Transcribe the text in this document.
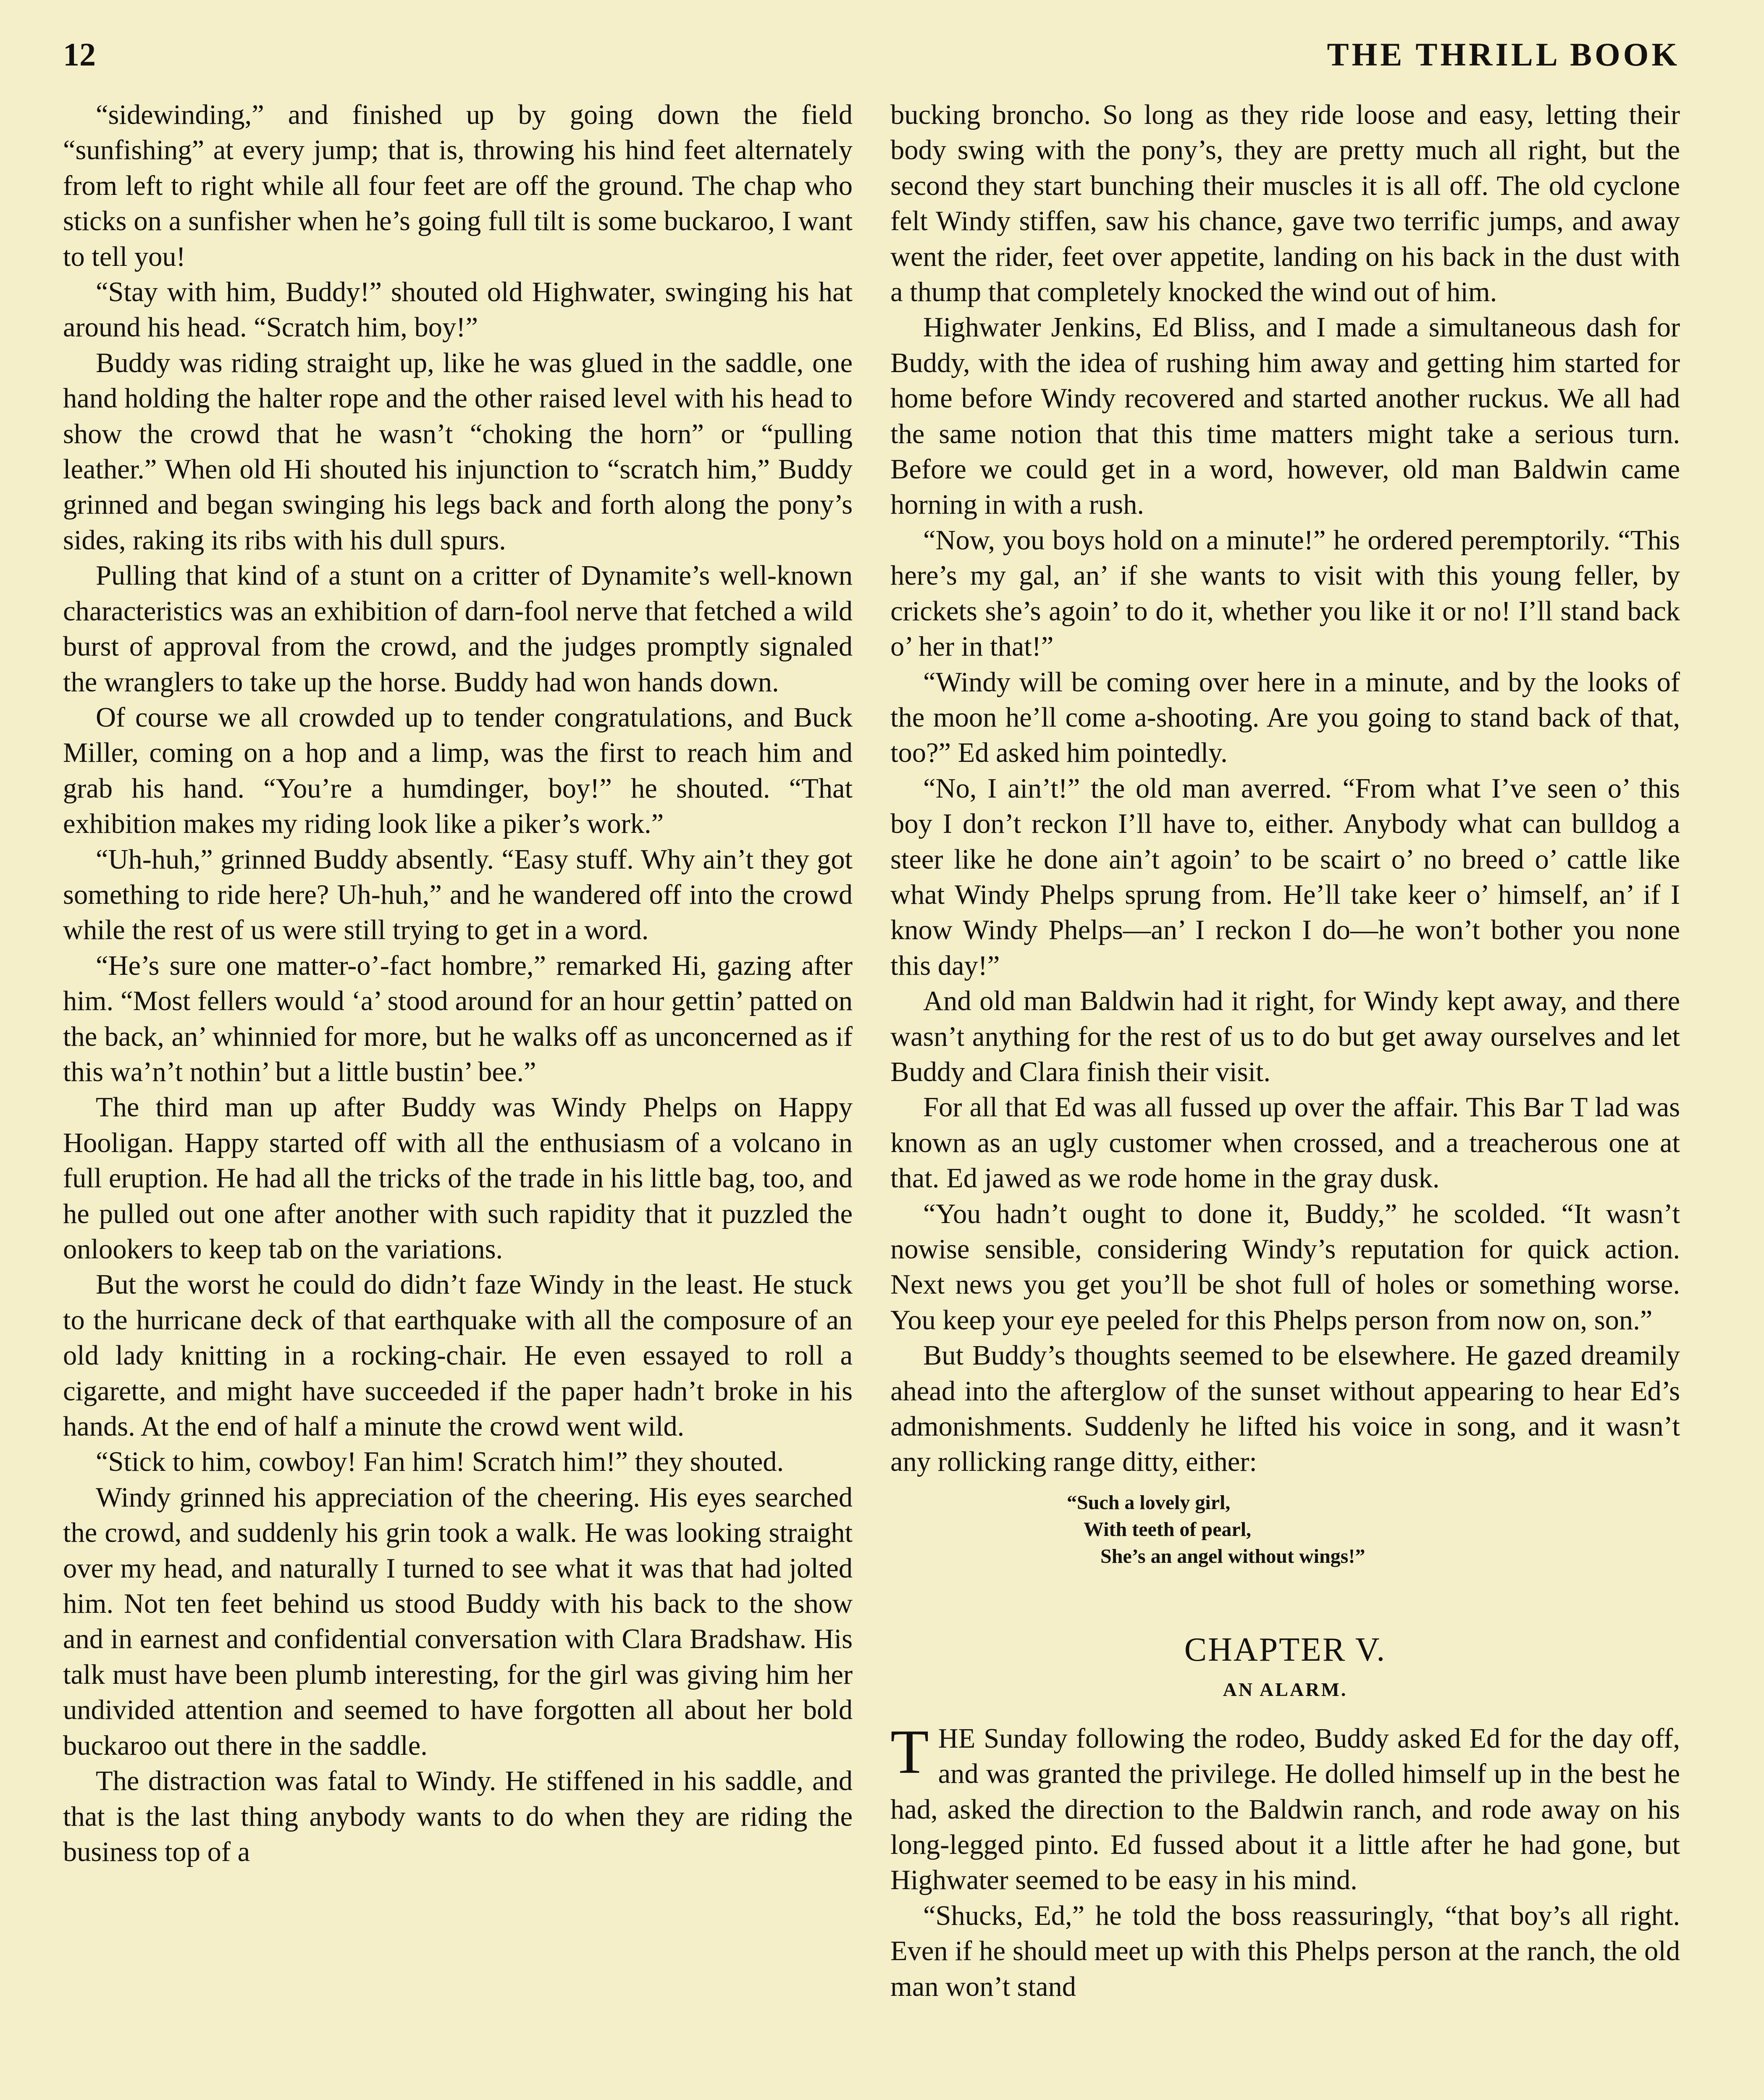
12	THE THRILL BOOK

“sidewinding,” and finished up by going down the field “sunfishing” at every jump; that is, throwing his hind feet alternately from left to right while all four feet are off the ground. The chap who sticks on a sunfisher when he’s going full tilt is some buckaroo, I want to tell you!

“Stay with him, Buddy!” shouted old Highwater, swinging his hat around his head. “Scratch him, boy!”

Buddy was riding straight up, like he was glued in the saddle, one hand holding the halter rope and the other raised level with his head to show the crowd that he wasn’t “choking the horn” or “pulling leather.” When old Hi shouted his injunction to “scratch him,” Buddy grinned and began swinging his legs back and forth along the pony’s sides, raking its ribs with his dull spurs.

Pulling that kind of a stunt on a critter of Dynamite’s well-known characteristics was an exhibition of darn-fool nerve that fetched a wild burst of approval from the crowd, and the judges promptly signaled the wranglers to take up the horse. Buddy had won hands down.

Of course we all crowded up to tender congratulations, and Buck Miller, coming on a hop and a limp, was the first to reach him and grab his hand. “You’re a humdinger, boy!” he shouted. “That exhibition makes my riding look like a piker’s work.”

“Uh-huh,” grinned Buddy absently. “Easy stuff. Why ain’t they got something to ride here? Uh-huh,” and he wandered off into the crowd while the rest of us were still trying to get in a word.

“He’s sure one matter-o’-fact hombre,” remarked Hi, gazing after him. “Most fellers would ‘a’ stood around for an hour gettin’ patted on the back, an’ whinnied for more, but he walks off as unconcerned as if this wa’n’t nothin’ but a little bustin’ bee.”

The third man up after Buddy was Windy Phelps on Happy Hooligan. Happy started off with all the enthusiasm of a volcano in full eruption. He had all the tricks of the trade in his little bag, too, and he pulled out one after another with such rapidity that it puzzled the onlookers to keep tab on the variations.

But the worst he could do didn’t faze Windy in the least. He stuck to the hurricane deck of that earthquake with all the composure of an old lady knitting in a rocking-chair. He even essayed to roll a cigarette, and might have succeeded if the paper hadn’t broke in his hands. At the end of half a minute the crowd went wild.

“Stick to him, cowboy! Fan him! Scratch him!” they shouted.

Windy grinned his appreciation of the cheering. His eyes searched the crowd, and suddenly his grin took a walk. He was looking straight over my head, and naturally I turned to see what it was that had jolted him. Not ten feet behind us stood Buddy with his back to the show and in earnest and confidential conversation with Clara Bradshaw. His talk must have been plumb interesting, for the girl was giving him her undivided attention and seemed to have forgotten all about her bold buckaroo out there in the saddle.

The distraction was fatal to Windy. He stiffened in his saddle, and that is the last thing anybody wants to do when they are riding the business top of a

bucking broncho. So long as they ride loose and easy, letting their body swing with the pony’s, they are pretty much all right, but the second they start bunching their muscles it is all off. The old cyclone felt Windy stiffen, saw his chance, gave two terrific jumps, and away went the rider, feet over appetite, landing on his back in the dust with a thump that completely knocked the wind out of him.

Highwater Jenkins, Ed Bliss, and I made a simultaneous dash for Buddy, with the idea of rushing him away and getting him started for home before Windy recovered and started another ruckus. We all had the same notion that this time matters might take a serious turn. Before we could get in a word, however, old man Baldwin came horning in with a rush.

“Now, you boys hold on a minute!” he ordered peremptorily. “This here’s my gal, an’ if she wants to visit with this young feller, by crickets she’s agoin’ to do it, whether you like it or no! I’ll stand back o’ her in that!”

“Windy will be coming over here in a minute, and by the looks of the moon he’ll come a-shooting. Are you going to stand back of that, too?” Ed asked him pointedly.

“No, I ain’t!” the old man averred. “From what I’ve seen o’ this boy I don’t reckon I’ll have to, either. Anybody what can bulldog a steer like he done ain’t agoin’ to be scairt o’ no breed o’ cattle like what Windy Phelps sprung from. He’ll take keer o’ himself, an’ if I know Windy Phelps—an’ I reckon I do—he won’t bother you none this day!”

And old man Baldwin had it right, for Windy kept away, and there wasn’t anything for the rest of us to do but get away ourselves and let Buddy and Clara finish their visit.

For all that Ed was all fussed up over the affair. This Bar T lad was known as an ugly customer when crossed, and a treacherous one at that. Ed jawed as we rode home in the gray dusk.

“You hadn’t ought to done it, Buddy,” he scolded. “It wasn’t nowise sensible, considering Windy’s reputation for quick action. Next news you get you’ll be shot full of holes or something worse. You keep your eye peeled for this Phelps person from now on, son.”

But Buddy’s thoughts seemed to be elsewhere. He gazed dreamily ahead into the afterglow of the sunset without appearing to hear Ed’s admonishments. Suddenly he lifted his voice in song, and it wasn’t any rollicking range ditty, either:

“Such a lovely girl,
With teeth of pearl,
She’s an angel without wings!”
CHAPTER V.
AN ALARM.

THE Sunday following the rodeo, Buddy asked Ed for the day off, and was granted the privilege. He dolled himself up in the best he had, asked the direction to the Baldwin ranch, and rode away on his long-legged pinto. Ed fussed about it a little after he had gone, but Highwater seemed to be easy in his mind.

“Shucks, Ed,” he told the boss reassuringly, “that boy’s all right. Even if he should meet up with this Phelps person at the ranch, the old man won’t stand
